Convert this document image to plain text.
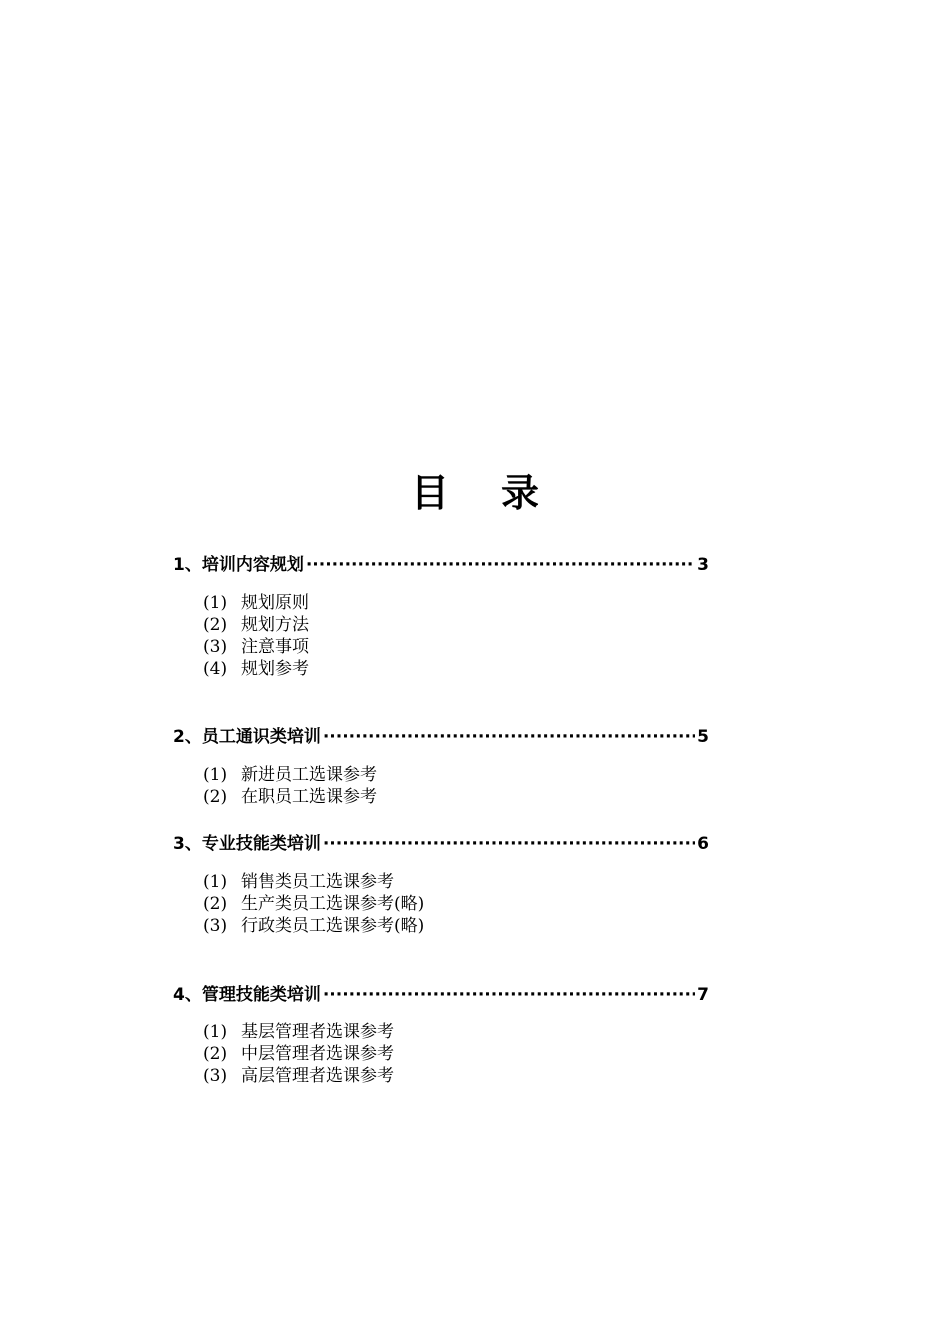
目录
1、培训内容规划 ·····	3
(1) 规划原则
(2) 规划方法
(3) 注意事项
(4) 规划参考
2、员工通识类培训 ·····	5
(1) 新进员工选课参考
(2) 在职员工选课参考
3、专业技能类培训 ·····	6
(1) 销售类员工选课参考
(2) 生产类员工选课参考(略)
(3) 行政类员工选课参考(略)
4、管理技能类培训 ·····	7
(1) 基层管理者选课参考
(2) 中层管理者选课参考
(3) 高层管理者选课参考
